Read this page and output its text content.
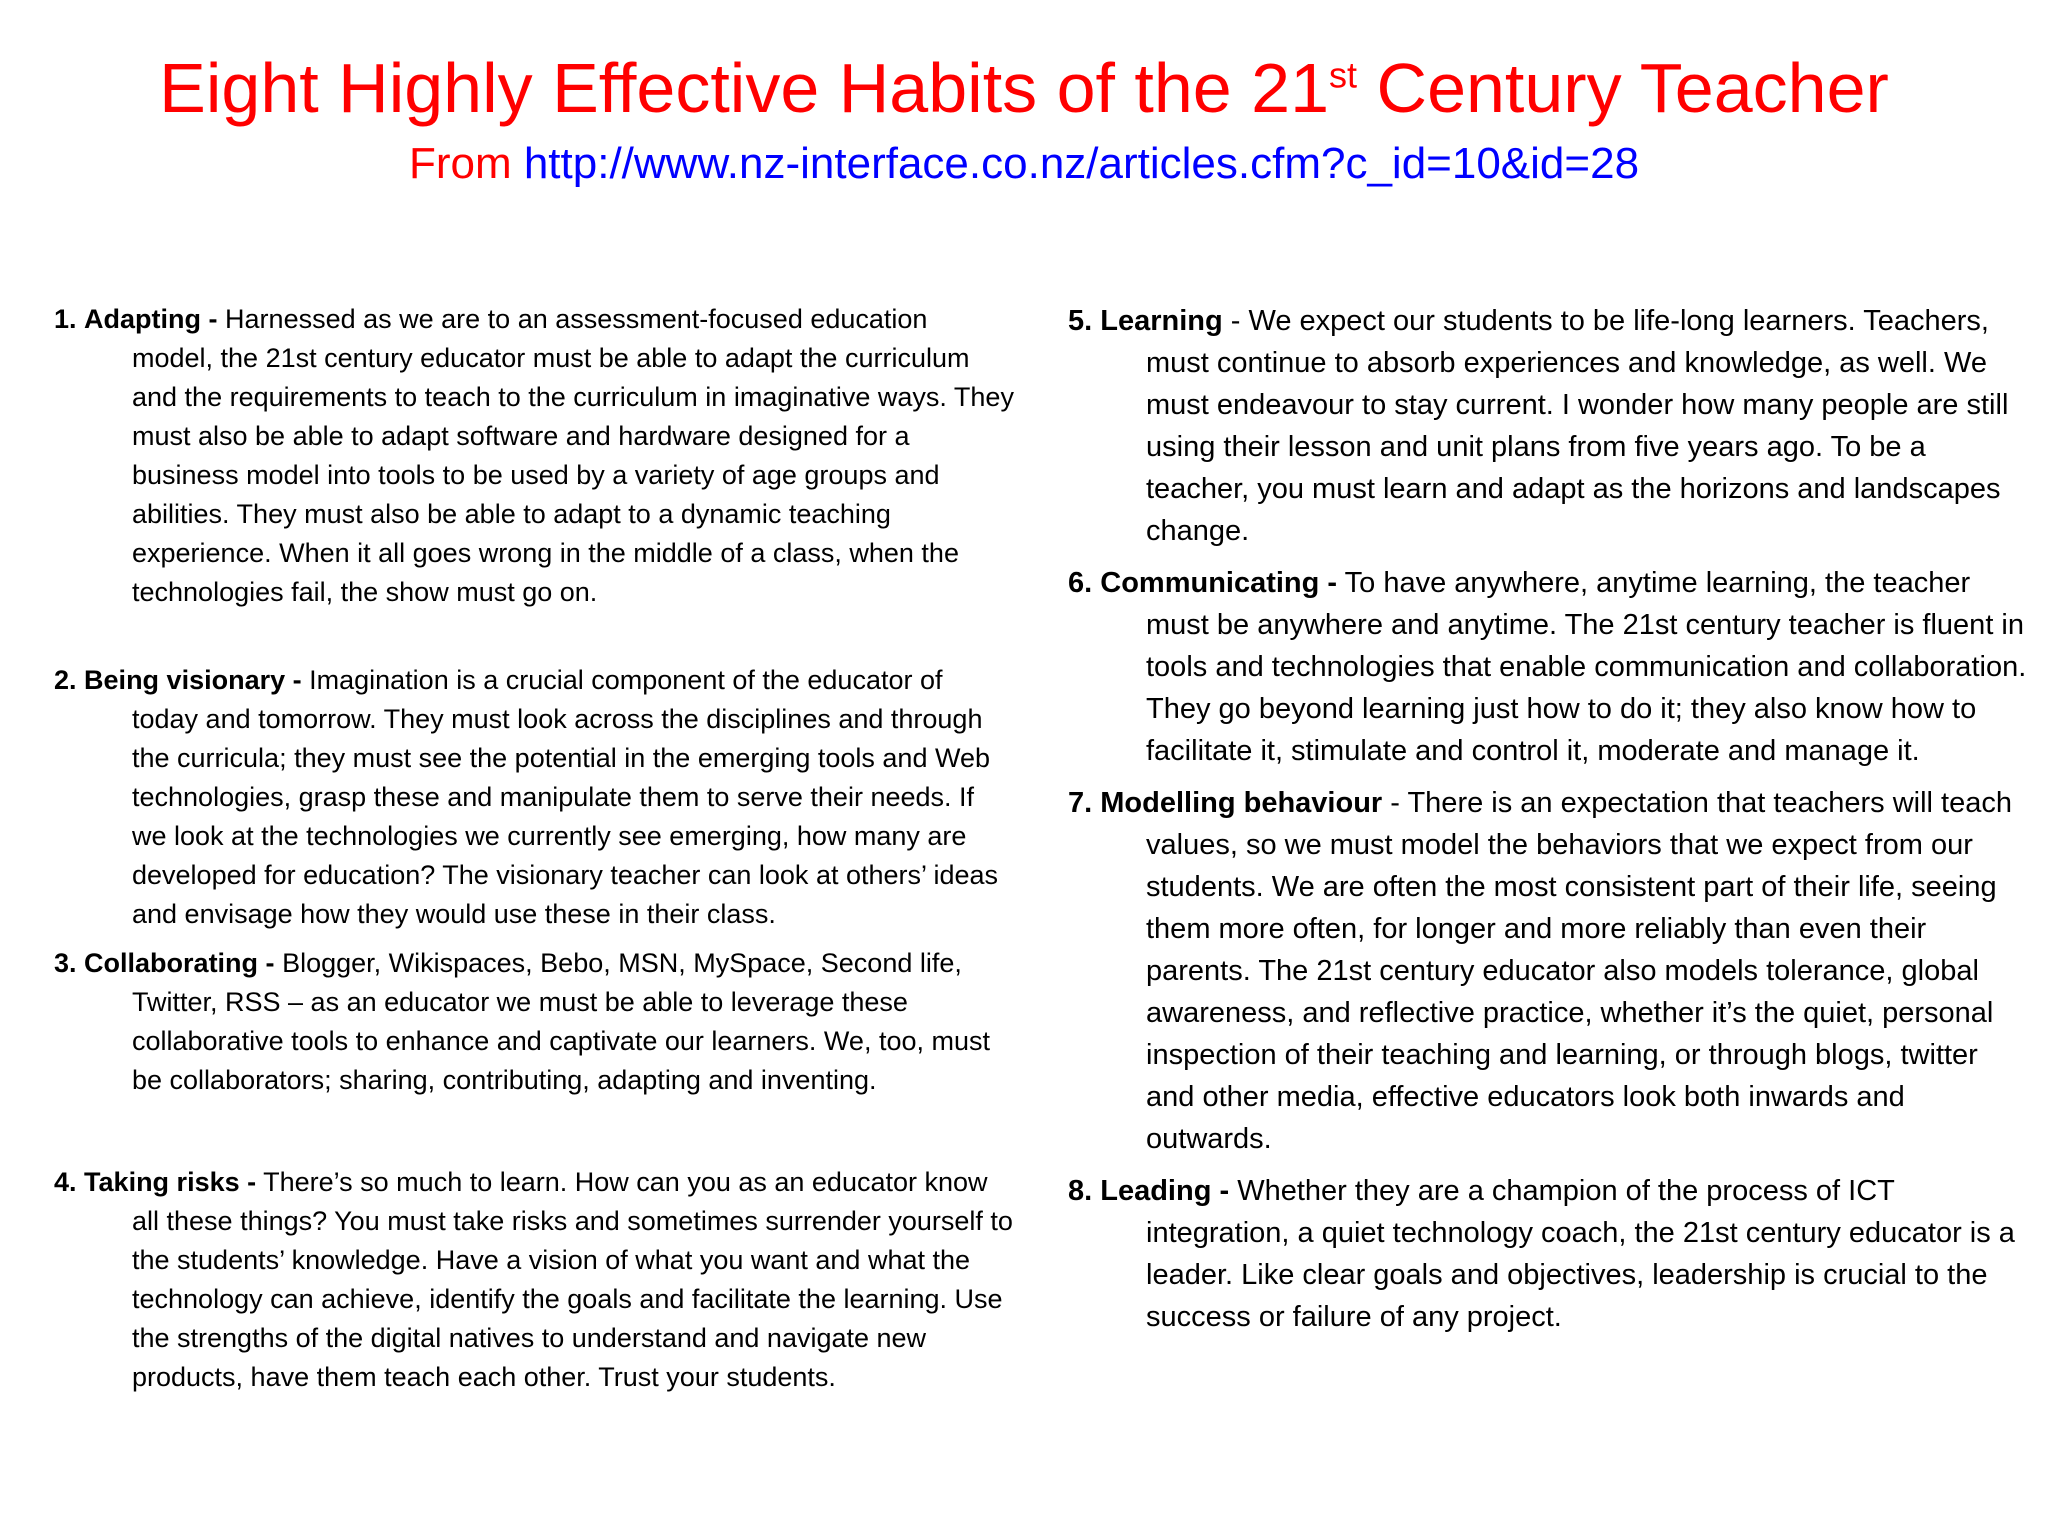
Eight Highly Effective Habits of the 21st Century Teacher
From http://www.nz-interface.co.nz/articles.cfm?c_id=10&id=28

1. Adapting - Harnessed as we are to an assessment-focused education model, the 21st century educator must be able to adapt the curriculum and the requirements to teach to the curriculum in imaginative ways. They must also be able to adapt software and hardware designed for a business model into tools to be used by a variety of age groups and abilities. They must also be able to adapt to a dynamic teaching experience. When it all goes wrong in the middle of a class, when the technologies fail, the show must go on.

2. Being visionary - Imagination is a crucial component of the educator of today and tomorrow. They must look across the disciplines and through the curricula; they must see the potential in the emerging tools and Web technologies, grasp these and manipulate them to serve their needs. If we look at the technologies we currently see emerging, how many are developed for education? The visionary teacher can look at others’ ideas and envisage how they would use these in their class.

3. Collaborating - Blogger, Wikispaces, Bebo, MSN, MySpace, Second life, Twitter, RSS – as an educator we must be able to leverage these collaborative tools to enhance and captivate our learners. We, too, must be collaborators; sharing, contributing, adapting and inventing.

4. Taking risks - There’s so much to learn. How can you as an educator know all these things? You must take risks and sometimes surrender yourself to the students’ knowledge. Have a vision of what you want and what the technology can achieve, identify the goals and facilitate the learning. Use the strengths of the digital natives to understand and navigate new products, have them teach each other. Trust your students.

5. Learning - We expect our students to be life-long learners. Teachers, must continue to absorb experiences and knowledge, as well. We must endeavour to stay current. I wonder how many people are still using their lesson and unit plans from five years ago. To be a teacher, you must learn and adapt as the horizons and landscapes change.

6. Communicating - To have anywhere, anytime learning, the teacher must be anywhere and anytime. The 21st century teacher is fluent in tools and technologies that enable communication and collaboration. They go beyond learning just how to do it; they also know how to facilitate it, stimulate and control it, moderate and manage it.

7. Modelling behaviour - There is an expectation that teachers will teach values, so we must model the behaviors that we expect from our students. We are often the most consistent part of their life, seeing them more often, for longer and more reliably than even their parents. The 21st century educator also models tolerance, global awareness, and reflective practice, whether it’s the quiet, personal inspection of their teaching and learning, or through blogs, twitter and other media, effective educators look both inwards and outwards.

8. Leading - Whether they are a champion of the process of ICT integration, a quiet technology coach, the 21st century educator is a leader. Like clear goals and objectives, leadership is crucial to the success or failure of any project.
